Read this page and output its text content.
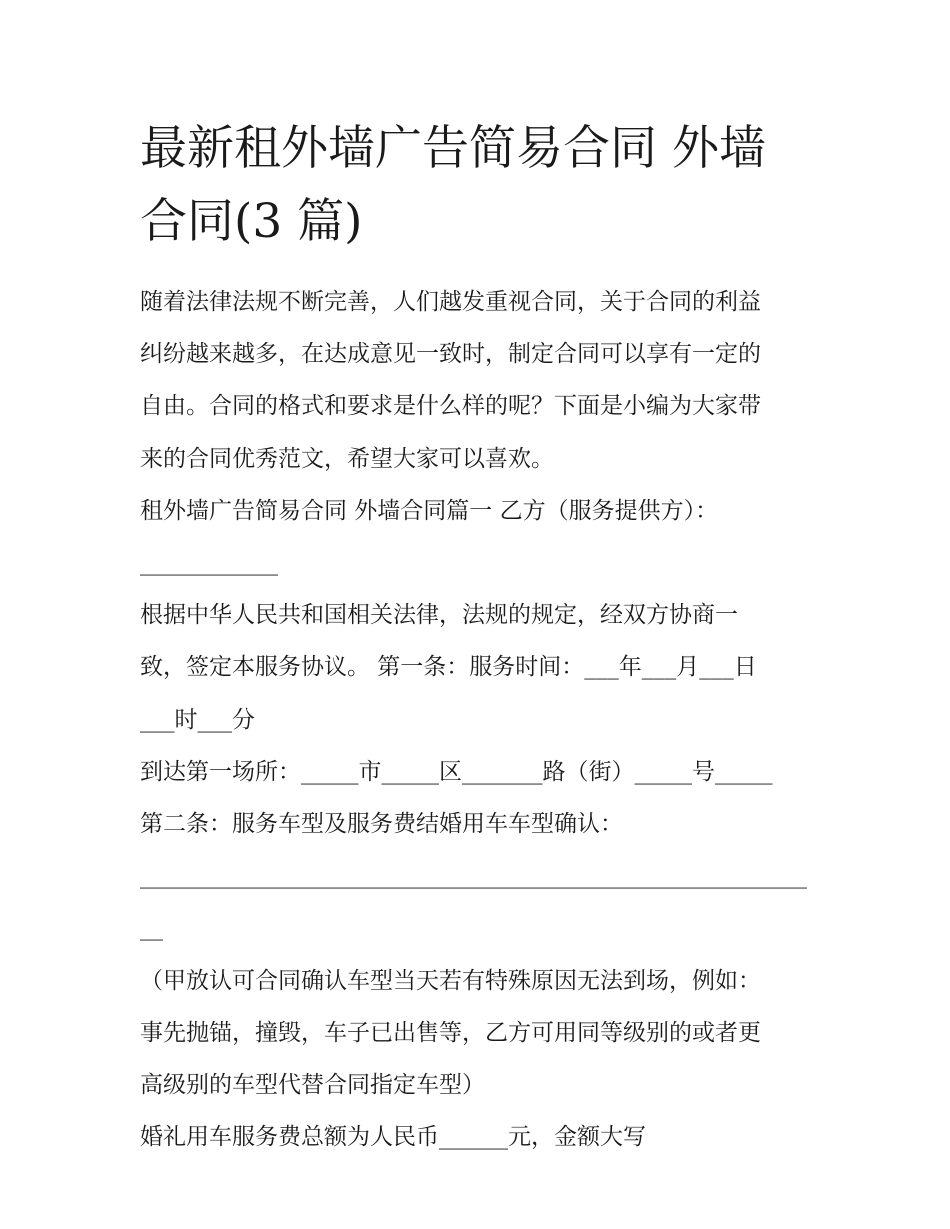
最新租外墙广告简易合同 外墙
合同(3 篇)

随着法律法规不断完善，人们越发重视合同，关于合同的利益

纠纷越来越多，在达成意见一致时，制定合同可以享有一定的

自由。合同的格式和要求是什么样的呢？下面是小编为大家带

来的合同优秀范文，希望大家可以喜欢。

租外墙广告简易合同 外墙合同篇一 乙方（服务提供方）：

____________

根据中华人民共和国相关法律，法规的规定，经双方协商一

致，签定本服务协议。 第一条：服务时间：___年___月___日

___时___分

到达第一场所：_____市_____区_______路（街）_____号_____

第二条：服务车型及服务费结婚用车车型确认：

__________________________________________________________

__

（甲放认可合同确认车型当天若有特殊原因无法到场，例如：

事先抛锚，撞毁，车子已出售等，乙方可用同等级别的或者更

高级别的车型代替合同指定车型）

婚礼用车服务费总额为人民币______元，金额大写
